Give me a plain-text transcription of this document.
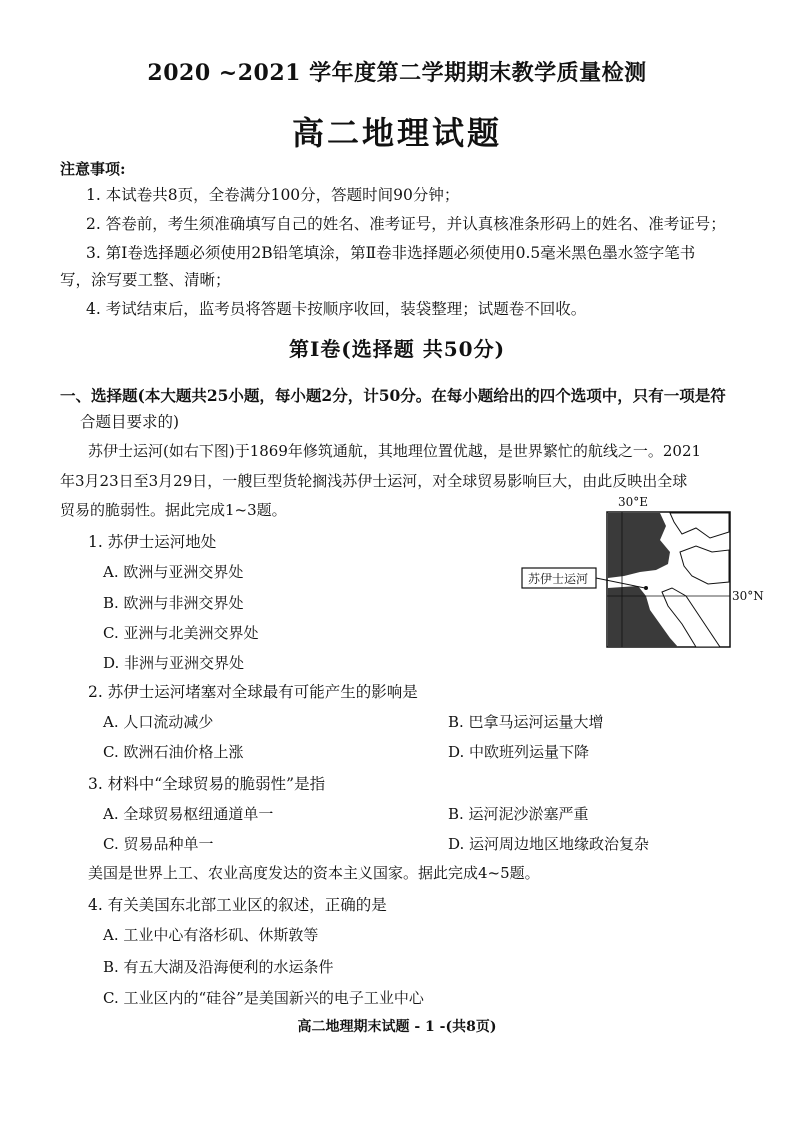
2020 ~2021 学年度第二学期期末教学质量检测
高二地理试题
注意事项:
1. 本试卷共8页，全卷满分100分，答题时间90分钟；
2. 答卷前，考生须准确填写自己的姓名、准考证号，并认真核准条形码上的姓名、准考证号；
3. 第Ⅰ卷选择题必须使用2B铅笔填涂，第Ⅱ卷非选择题必须使用0.5毫米黑色墨水签字笔书
写，涂写要工整、清晰；
4. 考试结束后，监考员将答题卡按顺序收回，装袋整理；试题卷不回收。
第Ⅰ卷(选择题 共50分)
一、选择题(本大题共25小题，每小题2分，计50分。在每小题给出的四个选项中，只有一项是符
合题目要求的)
苏伊士运河(如右下图)于1869年修筑通航，其地理位置优越，是世界繁忙的航线之一。2021
年3月23日至3月29日，一艘巨型货轮搁浅苏伊士运河，对全球贸易影响巨大，由此反映出全球
贸易的脆弱性。据此完成1~3题。	30°E
苏伊士运河
30°N
1. 苏伊士运河地处
A. 欧洲与亚洲交界处
B. 欧洲与非洲交界处
C. 亚洲与北美洲交界处
D. 非洲与亚洲交界处
2. 苏伊士运河堵塞对全球最有可能产生的影响是
A. 人口流动减少	B. 巴拿马运河运量大增
C. 欧洲石油价格上涨	D. 中欧班列运量下降
3. 材料中“全球贸易的脆弱性”是指
A. 全球贸易枢纽通道单一	B. 运河泥沙淤塞严重
C. 贸易品种单一	D. 运河周边地区地缘政治复杂
美国是世界上工、农业高度发达的资本主义国家。据此完成4~5题。
4. 有关美国东北部工业区的叙述，正确的是
A. 工业中心有洛杉矶、休斯敦等
B. 有五大湖及沿海便利的水运条件
C. 工业区内的“硅谷”是美国新兴的电子工业中心
高二地理期末试题 - 1 -(共8页)
